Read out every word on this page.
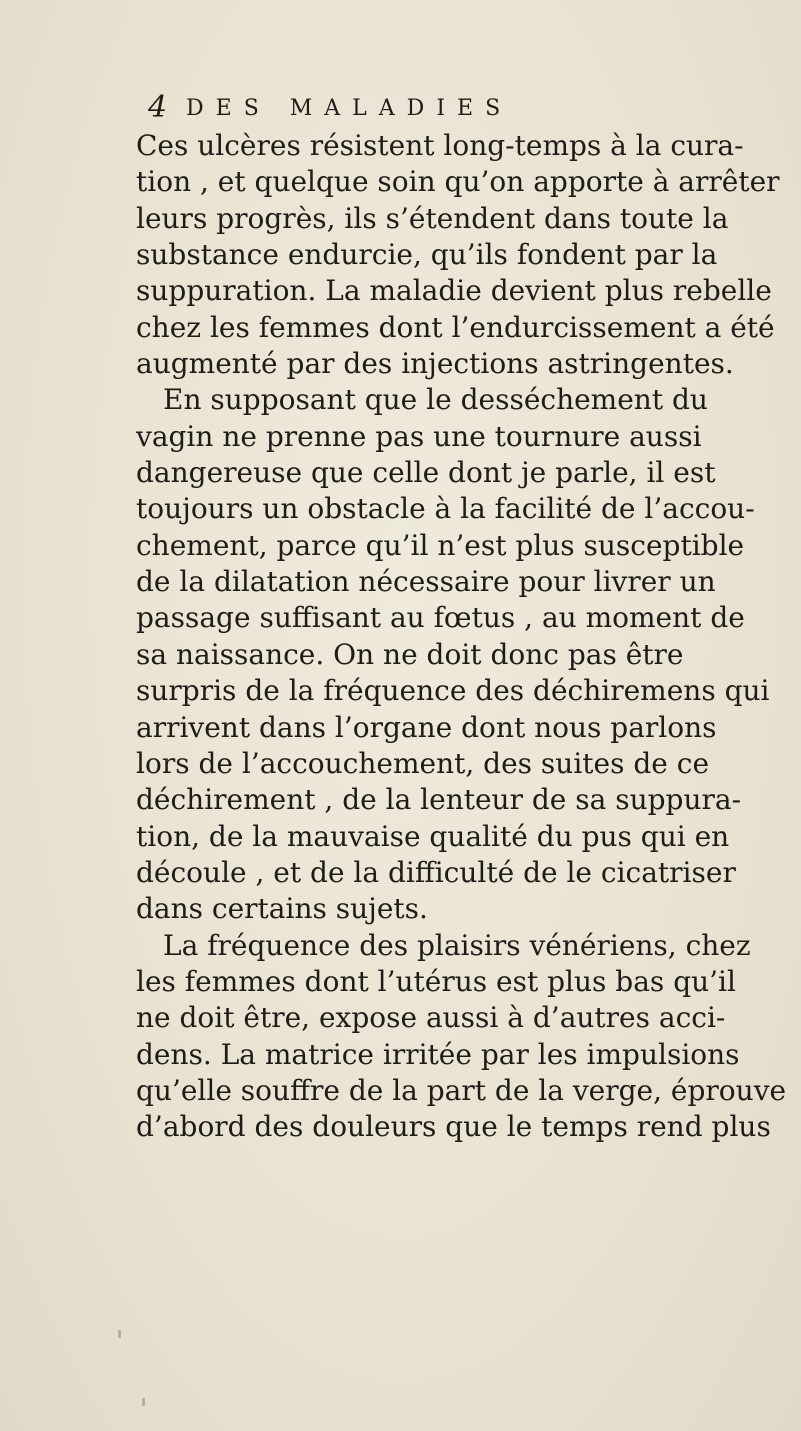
4 DES MALADIES
Ces ulcères résistent long-temps à la cura-
tion , et quelque soin qu’on apporte à arrêter
leurs progrès, ils s’étendent dans toute la
substance endurcie, qu’ils fondent par la
suppuration. La maladie devient plus rebelle
chez les femmes dont l’endurcissement a été
augmenté par des injections astringentes.
En supposant que le desséchement du
vagin ne prenne pas une tournure aussi
dangereuse que celle dont je parle, il est
toujours un obstacle à la facilité de l’accou-
chement, parce qu’il n’est plus susceptible
de la dilatation nécessaire pour livrer un
passage suffisant au fœtus , au moment de
sa naissance. On ne doit donc pas être
surpris de la fréquence des déchiremens qui
arrivent dans l’organe dont nous parlons
lors de l’accouchement, des suites de ce
déchirement , de la lenteur de sa suppura-
tion, de la mauvaise qualité du pus qui en
découle , et de la difficulté de le cicatriser
dans certains sujets.
La fréquence des plaisirs vénériens, chez
les femmes dont l’utérus est plus bas qu’il
ne doit être, expose aussi à d’autres acci-
dens. La matrice irritée par les impulsions
qu’elle souffre de la part de la verge, éprouve
d’abord des douleurs que le temps rend plus
